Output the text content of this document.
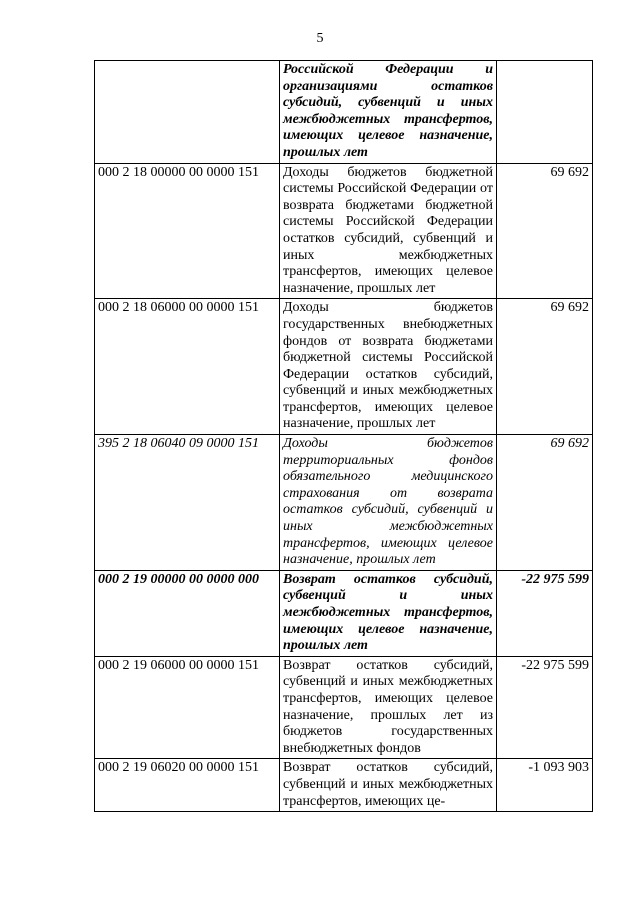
5
	Российской Федерации и организациями остатков субсидий, субвенций и иных межбюджетных трансфертов, имеющих целевое назначение, прошлых лет	
000 2 18 00000 00 0000 151	Доходы бюджетов бюджетной системы Российской Федерации от возврата бюджетами бюджетной системы Российской Федерации остатков субсидий, субвенций и иных межбюджетных трансфертов, имеющих целевое назначение, прошлых лет	69 692
000 2 18 06000 00 0000 151	Доходы бюджетов государственных внебюджетных фондов от возврата бюджетами бюджетной системы Российской Федерации остатков субсидий, субвенций и иных межбюджетных трансфертов, имеющих целевое назначение, прошлых лет	69 692
395 2 18 06040 09 0000 151	Доходы бюджетов территориальных фондов обязательного медицинского страхования от возврата остатков субсидий, субвенций и иных межбюджетных трансфертов, имеющих целевое назначение, прошлых лет	69 692
000 2 19 00000 00 0000 000	Возврат остатков субсидий, субвенций и иных межбюджетных трансфертов, имеющих целевое назначение, прошлых лет	-22 975 599
000 2 19 06000 00 0000 151	Возврат остатков субсидий, субвенций и иных межбюджетных трансфертов, имеющих целевое назначение, прошлых лет из бюджетов государственных внебюджетных фондов	-22 975 599
000 2 19 06020 00 0000 151	Возврат остатков субсидий, субвенций и иных межбюджетных трансфертов, имеющих це-	-1 093 903
